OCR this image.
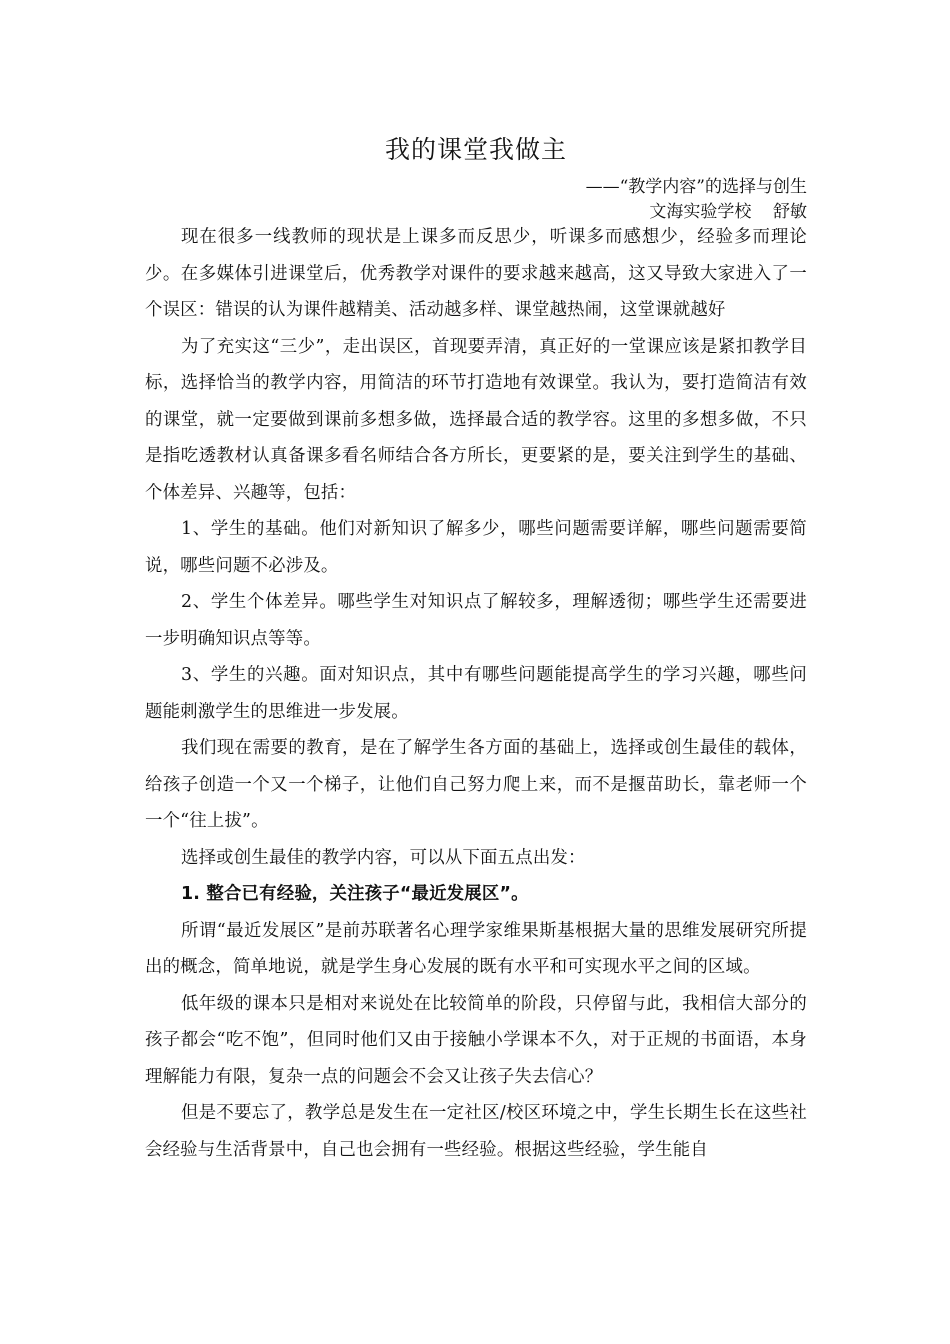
我的课堂我做主
——“教学内容”的选择与创生
文海实验学校    舒敏

现在很多一线教师的现状是上课多而反思少，听课多而感想少，经验多而理论少。在多媒体引进课堂后，优秀教学对课件的要求越来越高，这又导致大家进入了一个误区：错误的认为课件越精美、活动越多样、课堂越热闹，这堂课就越好

为了充实这“三少”，走出误区，首现要弄清，真正好的一堂课应该是紧扣教学目标，选择恰当的教学内容，用简洁的环节打造地有效课堂。我认为，要打造简洁有效的课堂，就一定要做到课前多想多做，选择最合适的教学容。这里的多想多做，不只是指吃透教材认真备课多看名师结合各方所长，更要紧的是，要关注到学生的基础、个体差异、兴趣等，包括：

1、学生的基础。他们对新知识了解多少，哪些问题需要详解，哪些问题需要简说，哪些问题不必涉及。

2、学生个体差异。哪些学生对知识点了解较多，理解透彻；哪些学生还需要进一步明确知识点等等。

3、学生的兴趣。面对知识点，其中有哪些问题能提高学生的学习兴趣，哪些问题能刺激学生的思维进一步发展。

我们现在需要的教育，是在了解学生各方面的基础上，选择或创生最佳的载体，给孩子创造一个又一个梯子，让他们自己努力爬上来，而不是揠苗助长，靠老师一个一个“往上拔”。

选择或创生最佳的教学内容，可以从下面五点出发：

1. 整合已有经验，关注孩子“最近发展区”。

所谓“最近发展区”是前苏联著名心理学家维果斯基根据大量的思维发展研究所提出的概念，简单地说，就是学生身心发展的既有水平和可实现水平之间的区域。

低年级的课本只是相对来说处在比较简单的阶段，只停留与此，我相信大部分的孩子都会“吃不饱”，但同时他们又由于接触小学课本不久，对于正规的书面语，本身理解能力有限，复杂一点的问题会不会又让孩子失去信心？

但是不要忘了，教学总是发生在一定社区/校区环境之中，学生长期生长在这些社会经验与生活背景中，自己也会拥有一些经验。根据这些经验，学生能自
